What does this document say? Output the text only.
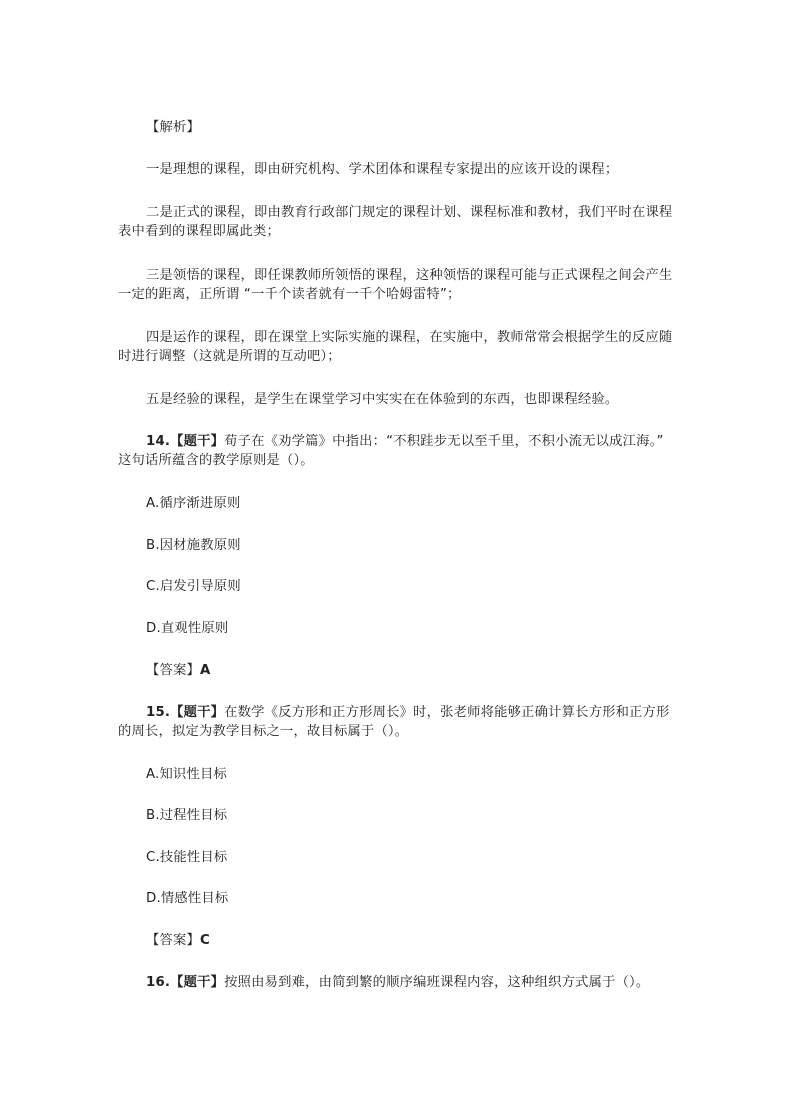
【解析】

一是理想的课程，即由研究机构、学术团体和课程专家提出的应该开设的课程；

二是正式的课程，即由教育行政部门规定的课程计划、课程标准和教材，我们平时在课程表中看到的课程即属此类；

三是领悟的课程，即任课教师所领悟的课程，这种领悟的课程可能与正式课程之间会产生一定的距离，正所谓 “一千个读者就有一千个哈姆雷特”；

四是运作的课程，即在课堂上实际实施的课程，在实施中，教师常常会根据学生的反应随时进行调整（这就是所谓的互动吧）；

五是经验的课程，是学生在课堂学习中实实在在体验到的东西，也即课程经验。

14.【题干】荀子在《劝学篇》中指出：“不积跬步无以至千里，不积小流无以成江海。” 这句话所蕴含的教学原则是（）。

A.循序渐进原则

B.因材施教原则

C.启发引导原则

D.直观性原则

【答案】A

15.【题干】在数学《反方形和正方形周长》时，张老师将能够正确计算长方形和正方形的周长，拟定为教学目标之一，故目标属于（）。

A.知识性目标

B.过程性目标

C.技能性目标

D.情感性目标

【答案】C

16.【题干】按照由易到难，由简到繁的顺序编班课程内容，这种组织方式属于（）。
